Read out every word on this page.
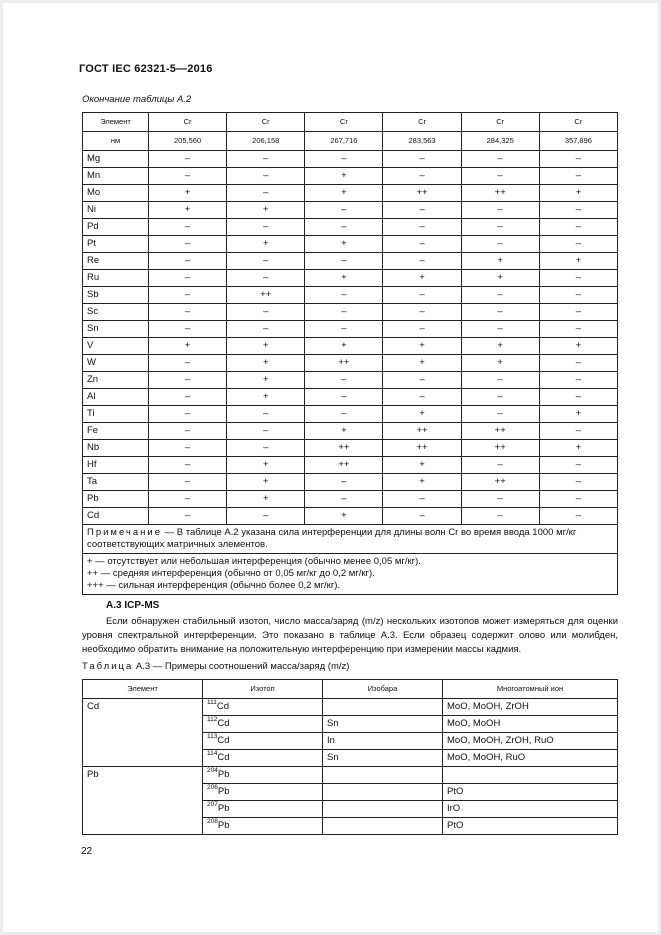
ГОСТ IEC 62321-5—2016
Окончание таблицы А.2
Элемент	Cr	Cr	Cr	Cr	Cr	Cr
нм	205,560	206,158	267,716	283,563	284,325	357,896
Mg	–	–	–	–	–	–
Mn	–	–	+	–	–	–
Mo	+	–	+	++	++	+
Ni	+	+	–	–	–	–
Pd	–	–	–	–	–	–
Pt	–	+	+	–	–	–
Re	–	–	–	–	+	+
Ru	–	–	+	+	+	–
Sb	–	++	–	–	–	–
Sc	–	–	–	–	–	–
Sn	–	–	–	–	–	–
V	+	+	+	+	+	+
W	–	+	++	+	+	–
Zn	–	+	–	–	–	–
Al	–	+	–	–	–	–
Ti	–	–	–	+	–	+
Fe	–	–	+	++	++	–
Nb	–	–	++	++	++	+
Hf	–	+	++	+	–	–
Ta	–	+	–	+	++	–
Pb	–	+	–	–	–	–
Cd	–	–	+	–	–	–
Примечание — В таблице А.2 указана сила интерференции для длины волн Cr во время ввода 1000 мг/кг соответствующих матричных элементов.						

+ — отсутствует или небольшая интерференция (обычно менее 0,05 мг/кг).
++ — средняя интерференция (обычно от 0,05 мг/кг до 0,2 мг/кг).
+++ — сильная интерференция (обычно более 0,2 мг/кг).						
А.3 ICP-MS
Если обнаружен стабильный изотоп, число масса/заряд (m/z) нескольких изотопов может измеряться для оценки уровня спектральной интерференции. Это показано в таблице А.3. Если образец содержит олово или молибден, необходимо обратить внимание на положительную интерференцию при измерении массы кадмия.
Таблица А.3 — Примеры соотношений масса/заряд (m/z)
Элемент	Изотоп	Изобара	Многоатомный ион
Cd	$^{111}$Cd		MoO, MoOH, ZrOH
	$^{112}$Cd	Sn	MoO, MoOH
	$^{113}$Cd	In	MoO, MoOH, ZrOH, RuO
	$^{114}$Cd	Sn	MoO, MoOH, RuO
Pb	$^{204}$Pb		
	$^{206}$Pb		PtO
	$^{207}$Pb		IrO
	$^{208}$Pb		PtO
22
